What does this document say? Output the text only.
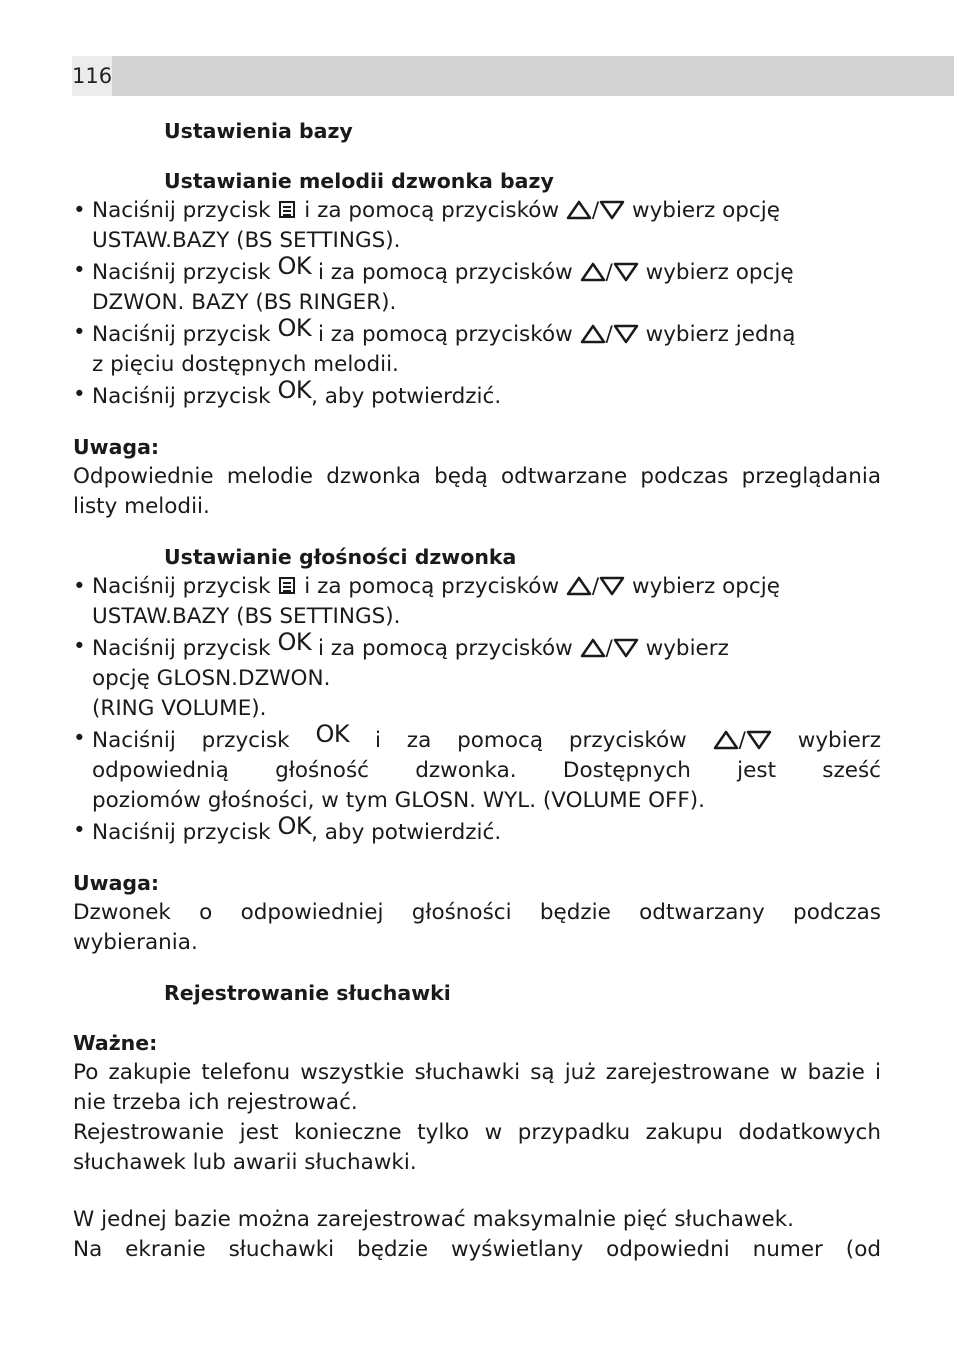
116
Ustawienia bazy
Ustawianie melodii dzwonka bazy
• Naciśnij przycisk i za pomocą przycisków / wybierz opcję
USTAW.BAZY (BS SETTINGS).
• Naciśnij przycisk OK i za pomocą przycisków / wybierz opcję
DZWON. BAZY (BS RINGER).
• Naciśnij przycisk OK i za pomocą przycisków / wybierz jedną
z pięciu dostępnych melodii.
• Naciśnij przycisk OK, aby potwierdzić.
Uwaga:

Odpowiednie melodie dzwonka będą odtwarzane podczas przeglądania listy melodii.

Ustawianie głośności dzwonka
• Naciśnij przycisk i za pomocą przycisków / wybierz opcję
USTAW.BAZY (BS SETTINGS).
• Naciśnij przycisk OK i za pomocą przycisków / wybierz
opcję GLOSN.DZWON.
(RING VOLUME).
• Naciśnij przycisk OK i za pomocą przycisków / wybierz
odpowiednią głośność dzwonka. Dostępnych jest sześć
poziomów głośności, w tym GLOSN. WYL. (VOLUME OFF).
• Naciśnij przycisk OK, aby potwierdzić.
Uwaga:

Dzwonek o odpowiedniej głośności będzie odtwarzany podczas wybierania.

Rejestrowanie słuchawki
Ważne:

Po zakupie telefonu wszystkie słuchawki są już zarejestrowane w bazie i nie trzeba ich rejestrować.

Rejestrowanie jest konieczne tylko w przypadku zakupu dodatkowych słuchawek lub awarii słuchawki.

W jednej bazie można zarejestrować maksymalnie pięć słuchawek.

Na ekranie słuchawki będzie wyświetlany odpowiedni numer (od
